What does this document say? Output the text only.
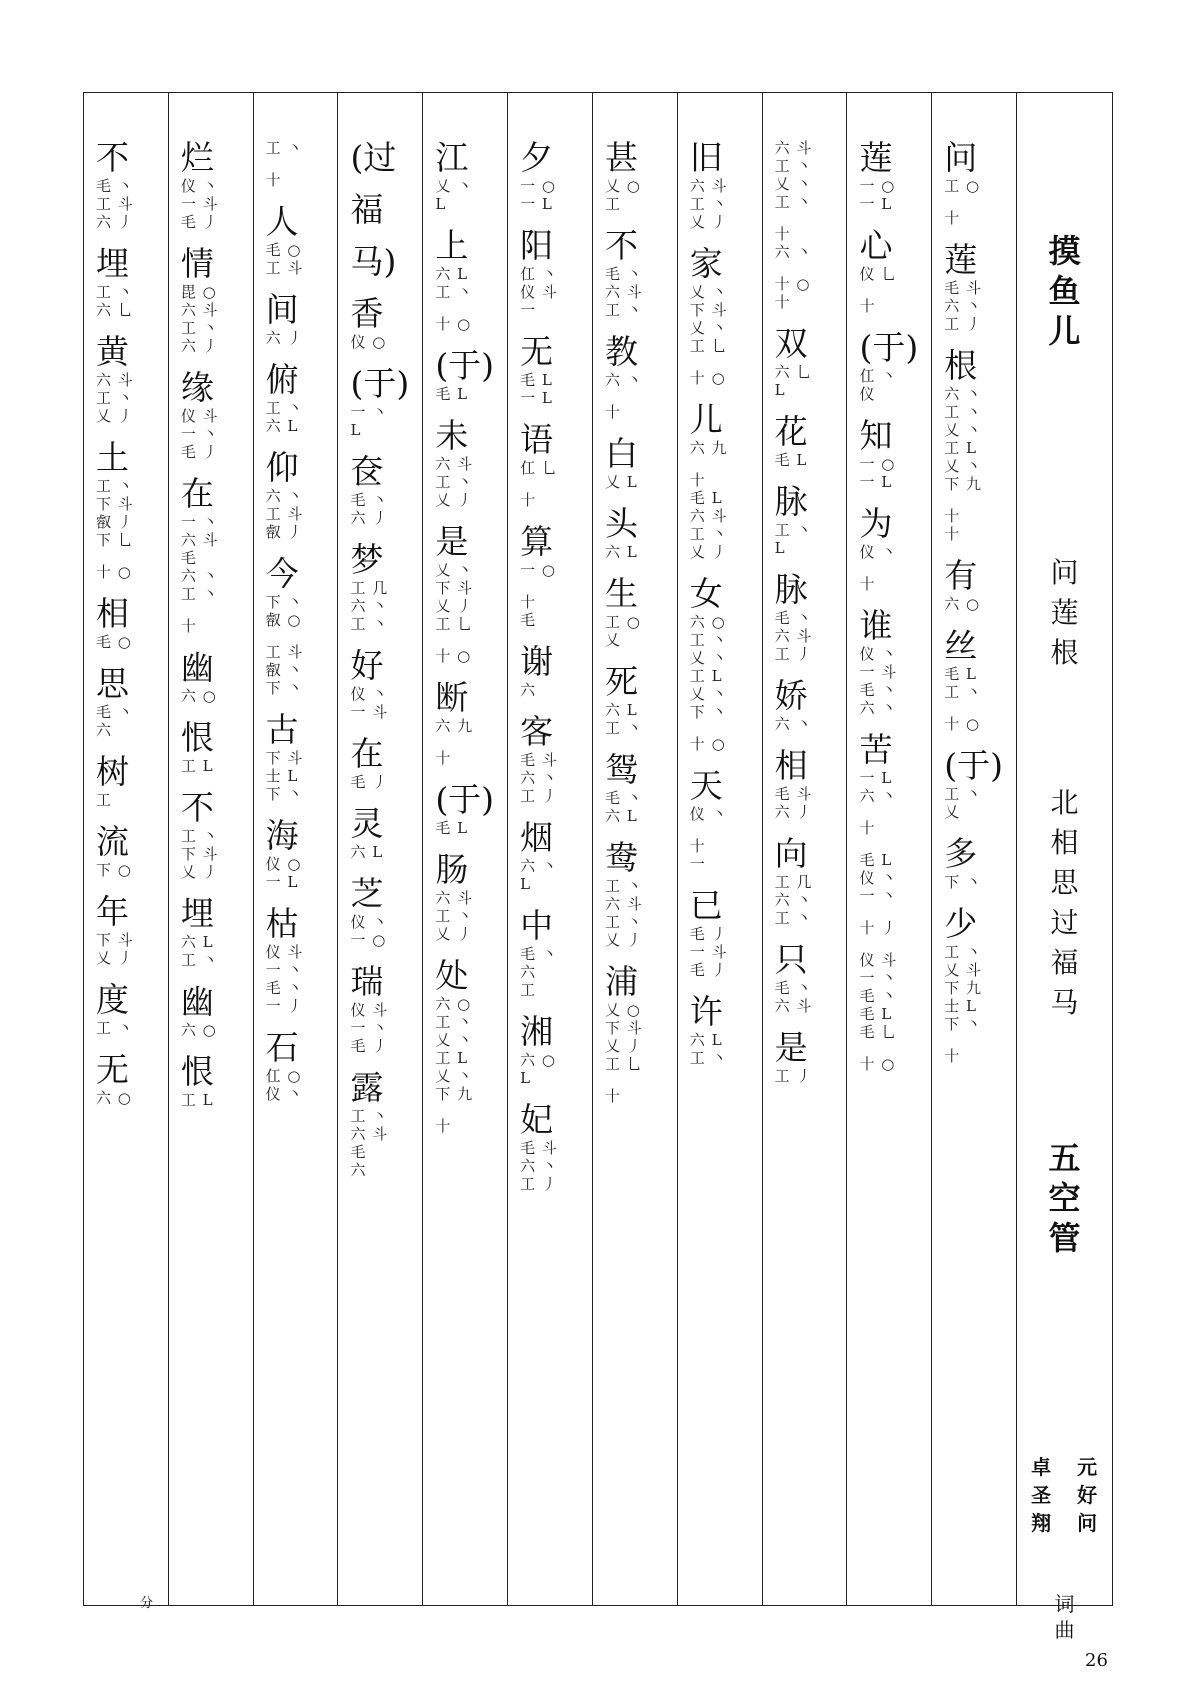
不
毛 丶
工 斗
六 丿
埋
工 丶
六 乚
黄
六 斗
工 丶
乂 丿
土
工 丶
下 斗
㕡 丿
下 乚
十 ○
相
毛 ○
思
毛 丶
六
树
工
流
下 ○
年
下 斗
乂 丿
度
工 丶
无
六 ○
烂
仪 丶
一 斗
毛 丿
情
毘 ○
六 斗
工 丶
六 丿
缘
仪 斗
一 丶
毛 丿
在
一 丶
六 斗
毛
六 丶
工 丶
十
幽
六 ○
恨
工 L
不
工 丶
下 斗
乂 丿
埋
六 L
工 丶
幽
六 ○
恨
工 L
工 丶
十
人
毛 ○
工 斗
间
六 丿
俯
工 丶
六 L
仰
六 丶
工 斗
㕡 丿
今
下 丶
㕡 ○
工 斗
㕡 丶
下 丶
古
下 斗
士 L
下 丶
海
仪 ○
一 L
枯
仪 斗
一 丶
毛 丶
一 丿
石
仜 ○
仪 丶
(过
福
马)
香
仪 ○
(于)
一 丶
L
奁
毛 丶
六 丿
梦
工 几
六 丶
工 丶
好
仪 丶
一 斗
在
毛 丿
灵
六 L
芝
仪 丶
一 ○
瑞
仪 斗
一 丶
毛 丿
露
工 丶
六 斗
毛
六
江
乂 丶
L
上
六 L
工 丶
十 ○
(于)
毛 L
未
六 斗
工 丶
乂 丿
是
乂 丶
下 斗
乂 丿
工 乚
十 ○
断
六 九
十
(于)
毛 L
肠
六 斗
工 丶
乂 丿
处
六 ○
工 丶
乂 丶
工 L
乂 丶
下 九
十
夕
一 ○
一 L
阳
仜 丶
仪 斗
一
无
毛 L
一 L
语
仜 乚
十
算
一 ○
十
毛
谢
六
客
毛 斗
六 丶
工 丿
烟
六 丶
L
中
毛 丶
六
工
湘
六 ○
L
妃
毛 斗
六 丶
工 丿
甚
乂 ○
工
不
毛 丶
六 斗
工 丶
教
六 丶
十
白
乂 L
头
六 L
生
工 ○
乂
死
六 L
工 丶
鸳
毛 丶
六 L
鸯
工 丶
六 斗
工 丶
乂 丿
浦
乂 ○
下 斗
乂 丿
工 乚
十
旧
六 斗
工 丶
乂 丿
家
乂 丶
下 斗
乂 丶
工 乚
十 ○
儿
六 九
十
毛 L
六 斗
工 丶
乂 丿
女
六 ○
工 丶
乂 丶
工 L
乂 丶
下 丶
十 ○
天
仪 丶
十
一
已
毛 丿
一 斗
毛 丿
许
六 L
工 丶
六 斗
工 丶
乂 丶
工 丶
十
六 丶
十 ○
十
双
六 乚
L
花
毛 L
脉
工 丶
L
脉
毛 丶
六 斗
工 丿
娇
六 丶
相
毛 斗
六 丿
向
工 几
六 丶
工 丶
只
毛 丶
六 斗
是
工 丿
莲
一 ○
一 L
心
仪 乚
十
(于)
仜 丶
仪
知
一 ○
一 L
为
仪 丶
十
谁
仪 丶
一 斗
毛 丶
六 丶
苦
一 L
六 丶
十
毛 L
仪 丶
一 丶
十 丿
仪 斗
一 丶
毛 丶
毛 L
毛 乚
十 ○
问
工 ○
十
莲
毛 斗
六 丶
工 丿
根
六 丶
工 丶
乂 丶
工 L
乂 丶
下 九
十
十
有
六 ○
丝
毛 L
工 丶
十 ○
(于)
工 丶
乂
多
下 丶
少
工 丶
乂 斗
下 九
士 L
下 丶
十
摸
鱼
儿
问
莲
根
北
相
思
过
福
马
五
空
管
卓
圣
翔
元
好
问
词
曲
分
26
